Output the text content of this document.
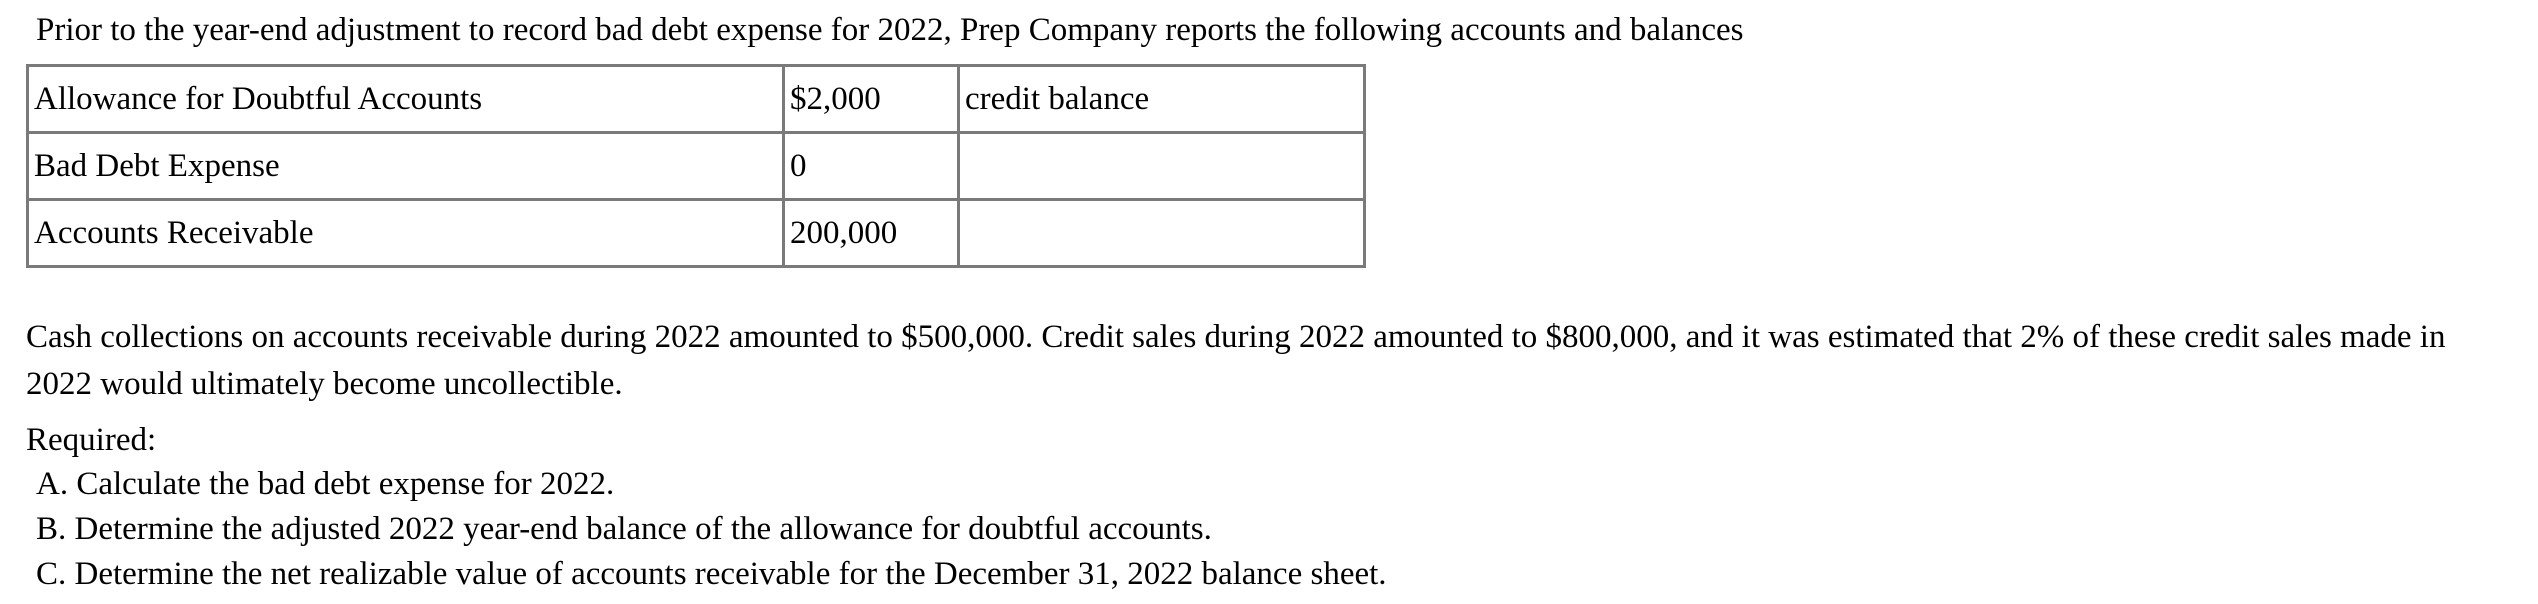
Prior to the year-end adjustment to record bad debt expense for 2022, Prep Company reports the following accounts and balances
Allowance for Doubtful Accounts	$2,000	credit balance
Bad Debt Expense	0	
Accounts Receivable	200,000	
Cash collections on accounts receivable during 2022 amounted to $500,000. Credit sales during 2022 amounted to $800,000, and it was estimated that 2% of these credit sales made in 2022 would ultimately become uncollectible.
Required:
A. Calculate the bad debt expense for 2022.
B. Determine the adjusted 2022 year-end balance of the allowance for doubtful accounts.
C. Determine the net realizable value of accounts receivable for the December 31, 2022 balance sheet.
